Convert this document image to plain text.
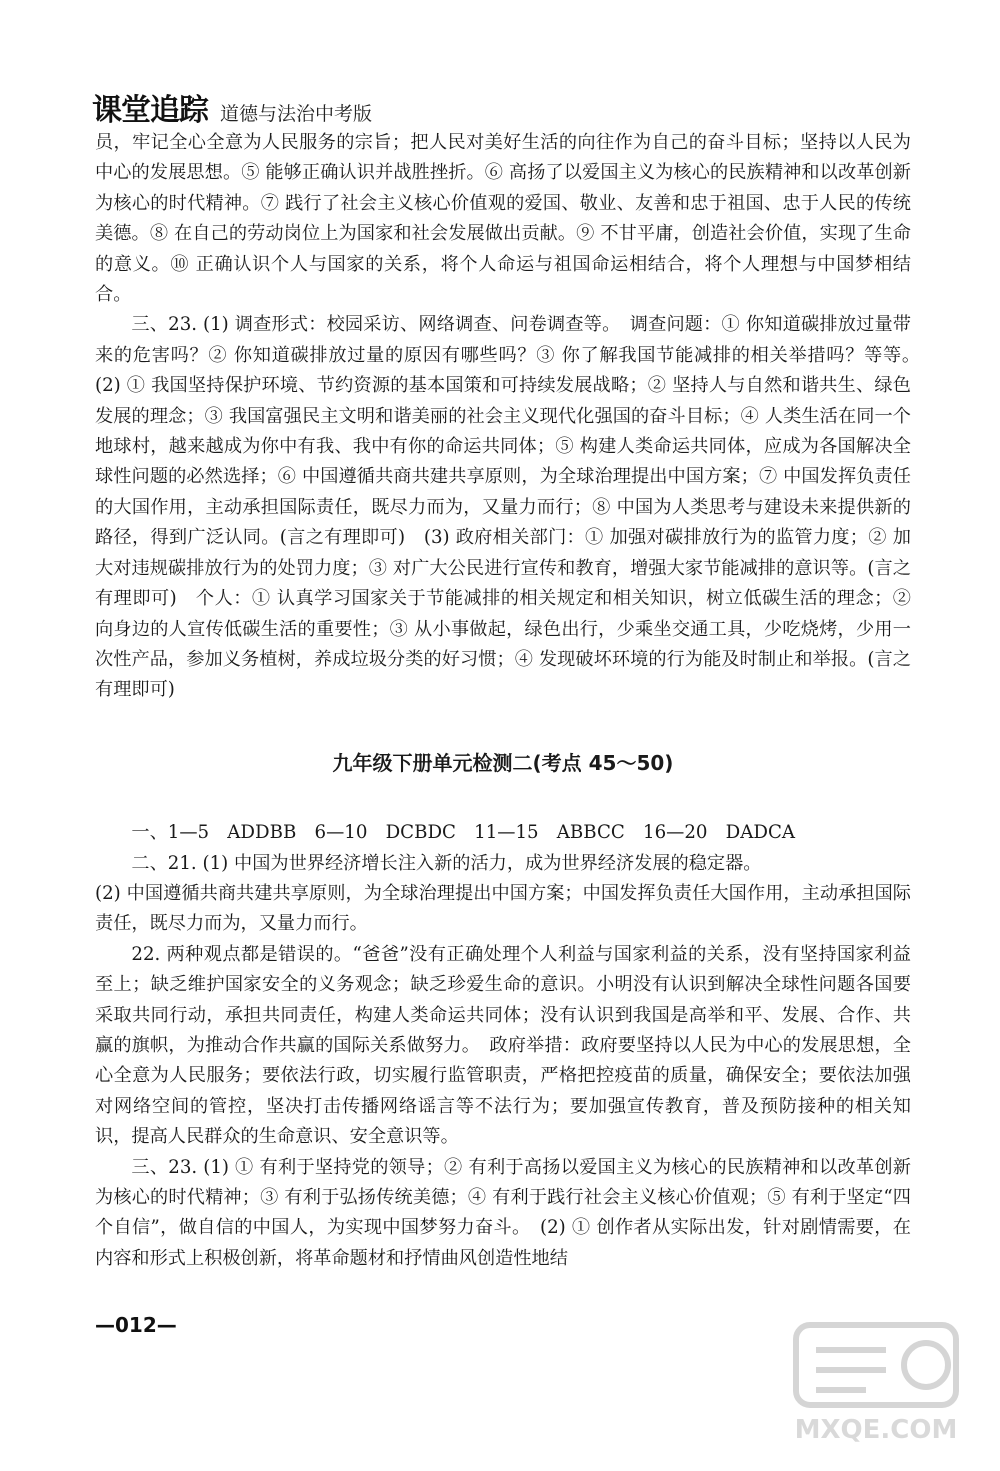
课堂追踪 道德与法治中考版

员，牢记全心全意为人民服务的宗旨；把人民对美好生活的向往作为自己的奋斗目标；坚持以人民为中心的发展思想。⑤ 能够正确认识并战胜挫折。⑥ 高扬了以爱国主义为核心的民族精神和以改革创新为核心的时代精神。⑦ 践行了社会主义核心价值观的爱国、敬业、友善和忠于祖国、忠于人民的传统美德。⑧ 在自己的劳动岗位上为国家和社会发展做出贡献。⑨ 不甘平庸，创造社会价值，实现了生命的意义。⑩ 正确认识个人与国家的关系，将个人命运与祖国命运相结合，将个人理想与中国梦相结合。

三、23. (1) 调查形式：校园采访、网络调查、问卷调查等。　调查问题：① 你知道碳排放过量带来的危害吗？② 你知道碳排放过量的原因有哪些吗？③ 你了解我国节能减排的相关举措吗？等等。　(2) ① 我国坚持保护环境、节约资源的基本国策和可持续发展战略；② 坚持人与自然和谐共生、绿色发展的理念；③ 我国富强民主文明和谐美丽的社会主义现代化强国的奋斗目标；④ 人类生活在同一个地球村，越来越成为你中有我、我中有你的命运共同体；⑤ 构建人类命运共同体，应成为各国解决全球性问题的必然选择；⑥ 中国遵循共商共建共享原则，为全球治理提出中国方案；⑦ 中国发挥负责任的大国作用，主动承担国际责任，既尽力而为，又量力而行；⑧ 中国为人类思考与建设未来提供新的路径，得到广泛认同。(言之有理即可)　(3) 政府相关部门：① 加强对碳排放行为的监管力度；② 加大对违规碳排放行为的处罚力度；③ 对广大公民进行宣传和教育，增强大家节能减排的意识等。(言之有理即可)　个人：① 认真学习国家关于节能减排的相关规定和相关知识，树立低碳生活的理念；② 向身边的人宣传低碳生活的重要性；③ 从小事做起，绿色出行，少乘坐交通工具，少吃烧烤，少用一次性产品，参加义务植树，养成垃圾分类的好习惯；④ 发现破坏环境的行为能及时制止和举报。(言之有理即可)

九年级下册单元检测二(考点 45～50)

一、1—5　ADDBB　6—10　DCBDC　11—15　ABBCC　16—20　DADCA

二、21. (1) 中国为世界经济增长注入新的活力，成为世界经济发展的稳定器。

(2) 中国遵循共商共建共享原则，为全球治理提出中国方案；中国发挥负责任大国作用，主动承担国际责任，既尽力而为，又量力而行。

22. 两种观点都是错误的。“爸爸”没有正确处理个人利益与国家利益的关系，没有坚持国家利益至上；缺乏维护国家安全的义务观念；缺乏珍爱生命的意识。小明没有认识到解决全球性问题各国要采取共同行动，承担共同责任，构建人类命运共同体；没有认识到我国是高举和平、发展、合作、共赢的旗帜，为推动合作共赢的国际关系做努力。　政府举措：政府要坚持以人民为中心的发展思想，全心全意为人民服务；要依法行政，切实履行监管职责，严格把控疫苗的质量，确保安全；要依法加强对网络空间的管控，坚决打击传播网络谣言等不法行为；要加强宣传教育，普及预防接种的相关知识，提高人民群众的生命意识、安全意识等。

三、23. (1) ① 有利于坚持党的领导；② 有利于高扬以爱国主义为核心的民族精神和以改革创新为核心的时代精神；③ 有利于弘扬传统美德；④ 有利于践行社会主义核心价值观；⑤ 有利于坚定“四个自信”，做自信的中国人，为实现中国梦努力奋斗。　(2) ① 创作者从实际出发，针对剧情需要，在内容和形式上积极创新，将革命题材和抒情曲风创造性地结

—012—
MXQE.COM
